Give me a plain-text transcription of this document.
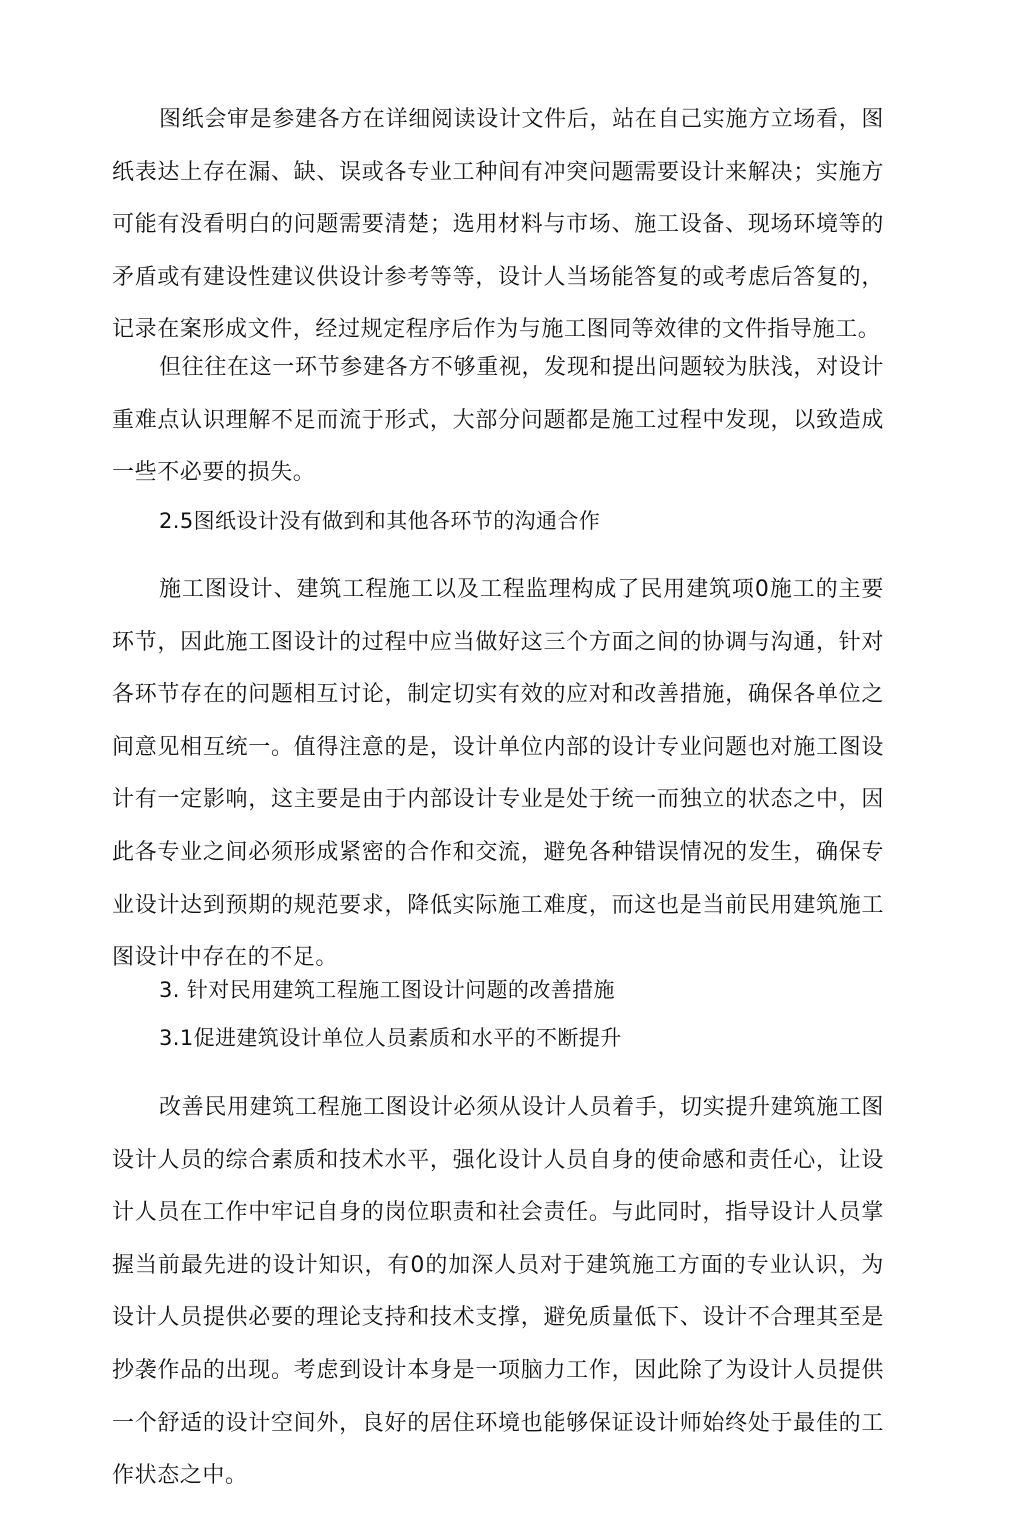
图纸会审是参建各方在详细阅读设计文件后，站在自己实施方立场看，图纸表达上存在漏、缺、误或各专业工种间有冲突问题需要设计来解决；实施方可能有没看明白的问题需要清楚；选用材料与市场、施工设备、现场环境等的矛盾或有建设性建议供设计参考等等，设计人当场能答复的或考虑后答复的，记录在案形成文件，经过规定程序后作为与施工图同等效律的文件指导施工。

但往往在这一环节参建各方不够重视，发现和提出问题较为肤浅，对设计重难点认识理解不足而流于形式，大部分问题都是施工过程中发现，以致造成一些不必要的损失。

2.5图纸设计没有做到和其他各环节的沟通合作

施工图设计、建筑工程施工以及工程监理构成了民用建筑项0施工的主要环节，因此施工图设计的过程中应当做好这三个方面之间的协调与沟通，针对各环节存在的问题相互讨论，制定切实有效的应对和改善措施，确保各单位之间意见相互统一。值得注意的是，设计单位内部的设计专业问题也对施工图设计有一定影响，这主要是由于内部设计专业是处于统一而独立的状态之中，因此各专业之间必须形成紧密的合作和交流，避免各种错误情况的发生，确保专业设计达到预期的规范要求，降低实际施工难度，而这也是当前民用建筑施工图设计中存在的不足。

3. 针对民用建筑工程施工图设计问题的改善措施

3.1促进建筑设计单位人员素质和水平的不断提升

改善民用建筑工程施工图设计必须从设计人员着手，切实提升建筑施工图设计人员的综合素质和技术水平，强化设计人员自身的使命感和责任心，让设计人员在工作中牢记自身的岗位职责和社会责任。与此同时，指导设计人员掌握当前最先进的设计知识，有0的加深人员对于建筑施工方面的专业认识，为设计人员提供必要的理论支持和技术支撑，避免质量低下、设计不合理其至是抄袭作品的出现。考虑到设计本身是一项脑力工作，因此除了为设计人员提供一个舒适的设计空间外，良好的居住环境也能够保证设计师始终处于最佳的工作状态之中。
